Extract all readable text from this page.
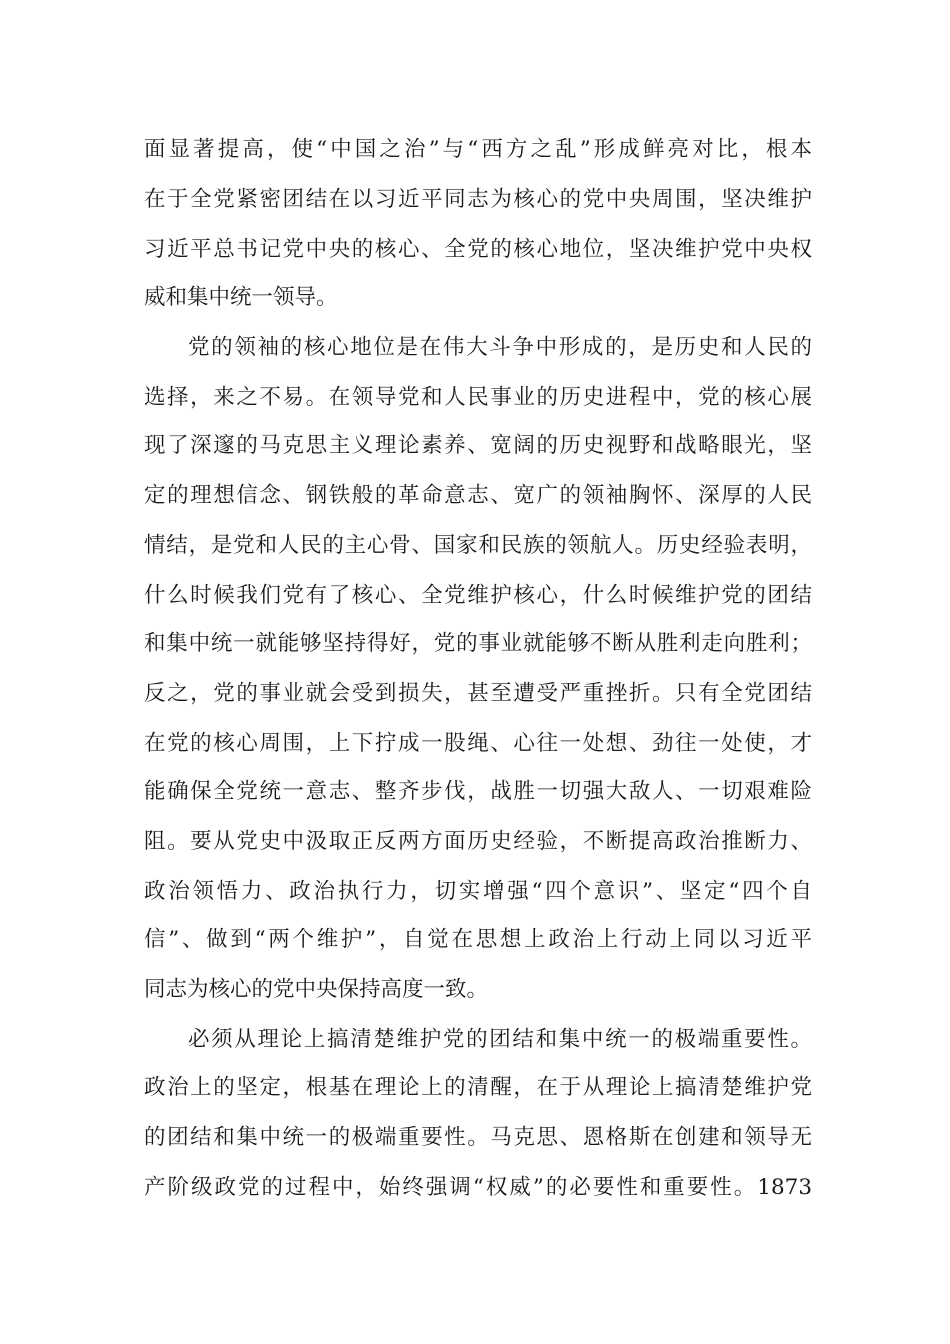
面显著提高，使“中国之治”与“西方之乱”形成鲜亮对比，根本
在于全党紧密团结在以习近平同志为核心的党中央周围，坚决维护
习近平总书记党中央的核心、全党的核心地位，坚决维护党中央权
威和集中统一领导。
党的领袖的核心地位是在伟大斗争中形成的，是历史和人民的
选择，来之不易。在领导党和人民事业的历史进程中，党的核心展
现了深邃的马克思主义理论素养、宽阔的历史视野和战略眼光，坚
定的理想信念、钢铁般的革命意志、宽广的领袖胸怀、深厚的人民
情结，是党和人民的主心骨、国家和民族的领航人。历史经验表明，
什么时候我们党有了核心、全党维护核心，什么时候维护党的团结
和集中统一就能够坚持得好，党的事业就能够不断从胜利走向胜利；
反之，党的事业就会受到损失，甚至遭受严重挫折。只有全党团结
在党的核心周围，上下拧成一股绳、心往一处想、劲往一处使，才
能确保全党统一意志、整齐步伐，战胜一切强大敌人、一切艰难险
阻。要从党史中汲取正反两方面历史经验，不断提高政治推断力、
政治领悟力、政治执行力，切实增强“四个意识”、坚定“四个自
信”、做到“两个维护”，自觉在思想上政治上行动上同以习近平
同志为核心的党中央保持高度一致。
必须从理论上搞清楚维护党的团结和集中统一的极端重要性。
政治上的坚定，根基在理论上的清醒，在于从理论上搞清楚维护党
的团结和集中统一的极端重要性。马克思、恩格斯在创建和领导无
产阶级政党的过程中，始终强调“权威”的必要性和重要性。1873
